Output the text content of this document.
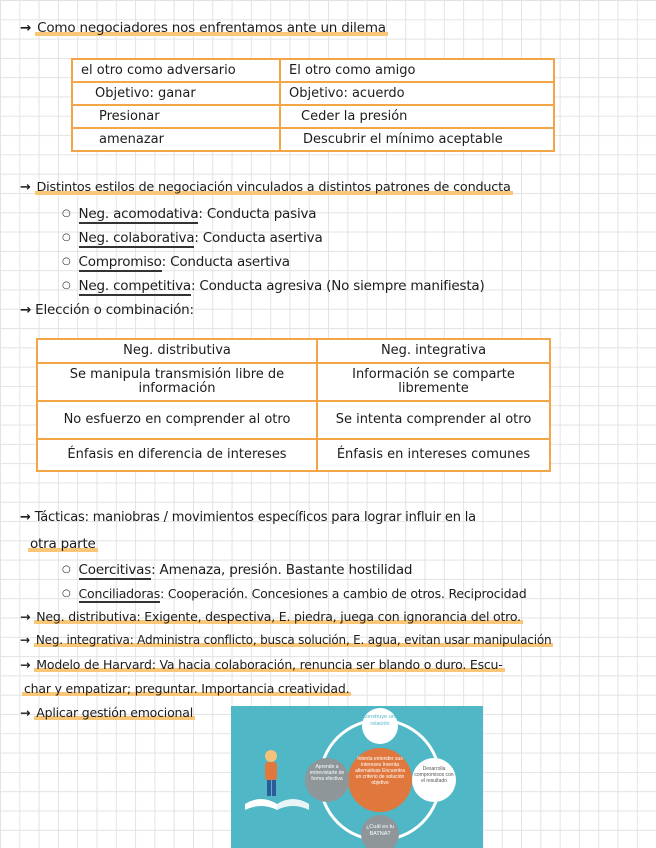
→ Como negociadores nos enfrentamos ante un dilema
el otro como adversario	El otro como amigo
Objetivo: ganar	Objetivo: acuerdo
Presionar	Ceder la presión
amenazar	Descubrir el mínimo aceptable
→ Distintos estilos de negociación vinculados a distintos patrones de conducta
○ Neg. acomodativa: Conducta pasiva
○ Neg. colaborativa: Conducta asertiva
○ Compromiso: Conducta asertiva
○ Neg. competitiva: Conducta agresiva (No siempre manifiesta)
→ Elección o combinación:
Neg. distributiva	Neg. integrativa
Se manipula transmisión libre de información	Información se comparte libremente
No esfuerzo en comprender al otro	Se intenta comprender al otro
Énfasis en diferencia de intereses	Énfasis en intereses comunes
→ Tácticas: maniobras / movimientos específicos para lograr influir en la
otra parte
○ Coercitivas: Amenaza, presión. Bastante hostilidad
○ Conciliadoras: Cooperación. Concesiones a cambio de otros. Reciprocidad
→ Neg. distributiva: Exigente, despectiva, E. piedra, juega con ignorancia del otro.
→ Neg. integrativa: Administra conflicto, busca solución, E. agua, evitan usar manipulación
→ Modelo de Harvard: Va hacia colaboración, renuncia ser blando o duro. Escu-
char y empatizar; preguntar. Importancia creatividad.
→ Aplicar gestión emocional	Construye una relación
Aprende a entrevistarte de forma efectiva
Desarrolla compromisos con el resultado
¿Cuál es tu BATNA?
Intenta entender sus intereses Inventa alternativas Encuentra un criterio de solución objetivo
